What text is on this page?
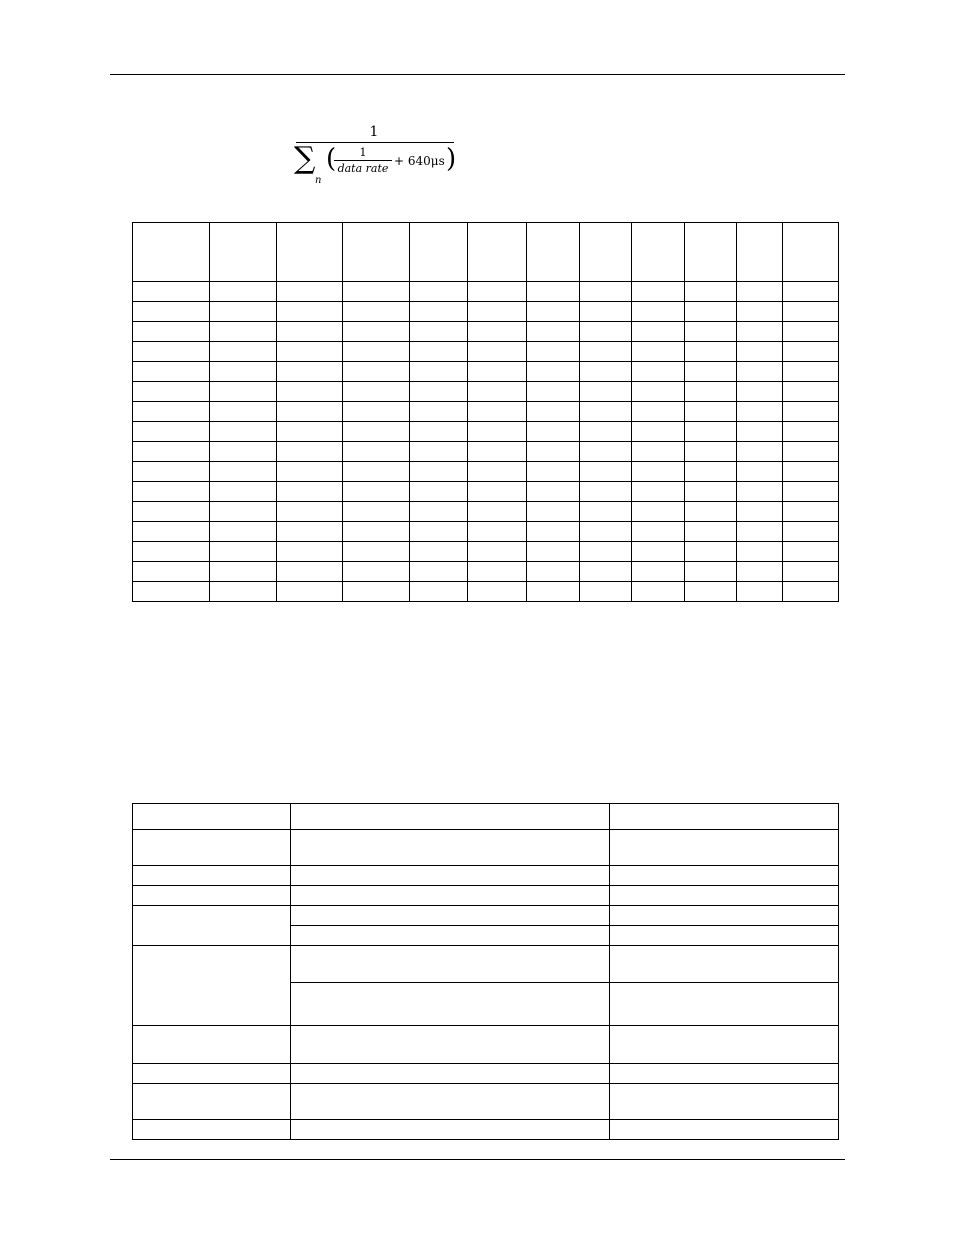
1
∑
n
(	1
data rate
+ 640μs )
